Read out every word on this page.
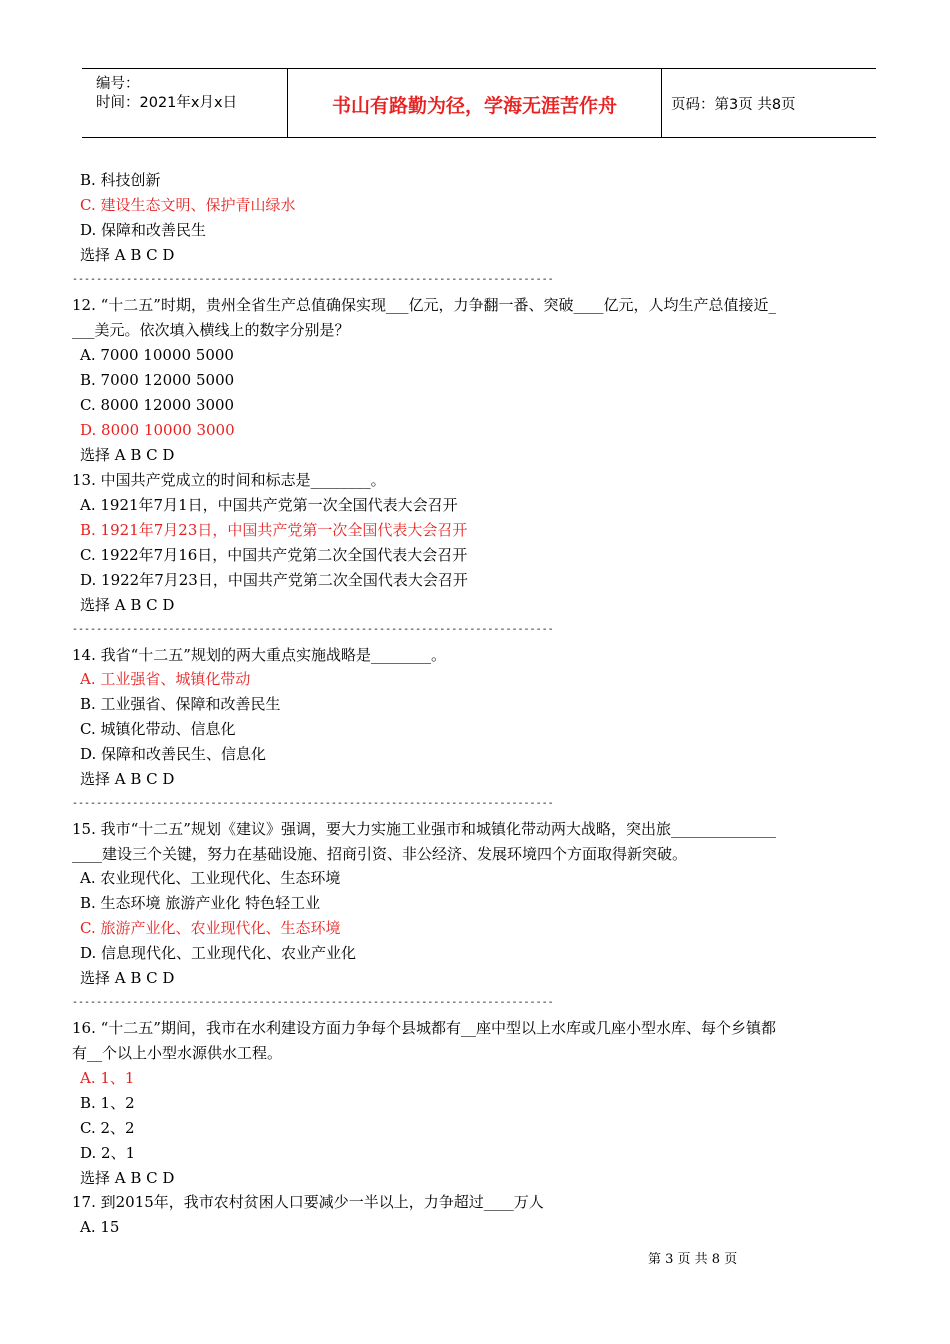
编号：
时间：2021年x月x日	书山有路勤为径，学海无涯苦作舟	页码：第3页 共8页
B. 科技创新
C. 建设生态文明、保护青山绿水
D. 保障和改善民生
选择 A B C D
--------------------------------------------------------------------------------
12. “十二五”时期，贵州全省生产总值确保实现___亿元，力争翻一番、突破____亿元，人均生产总值接近_
___美元。依次填入横线上的数字分别是？
A. 7000 10000 5000
B. 7000 12000 5000
C. 8000 12000 3000
D. 8000 10000 3000
选择 A B C D
13. 中国共产党成立的时间和标志是________。
A. 1921年7月1日，中国共产党第一次全国代表大会召开
B. 1921年7月23日，中国共产党第一次全国代表大会召开
C. 1922年7月16日，中国共产党第二次全国代表大会召开
D. 1922年7月23日，中国共产党第二次全国代表大会召开
选择 A B C D
--------------------------------------------------------------------------------
14. 我省“十二五”规划的两大重点实施战略是________。
A. 工业强省、城镇化带动
B. 工业强省、保障和改善民生
C. 城镇化带动、信息化
D. 保障和改善民生、信息化
选择 A B C D
--------------------------------------------------------------------------------
15. 我市“十二五”规划《建议》强调，要大力实施工业强市和城镇化带动两大战略，突出旅______________
____建设三个关键，努力在基础设施、招商引资、非公经济、发展环境四个方面取得新突破。
A. 农业现代化、工业现代化、生态环境
B. 生态环境 旅游产业化 特色轻工业
C. 旅游产业化、农业现代化、生态环境
D. 信息现代化、工业现代化、农业产业化
选择 A B C D
--------------------------------------------------------------------------------
16. “十二五”期间，我市在水利建设方面力争每个县城都有__座中型以上水库或几座小型水库、每个乡镇都
有__个以上小型水源供水工程。
A. 1、1
B. 1、2
C. 2、2
D. 2、1
选择 A B C D
17. 到2015年，我市农村贫困人口要减少一半以上，力争超过____万人
A. 15
第 3 页 共 8 页
